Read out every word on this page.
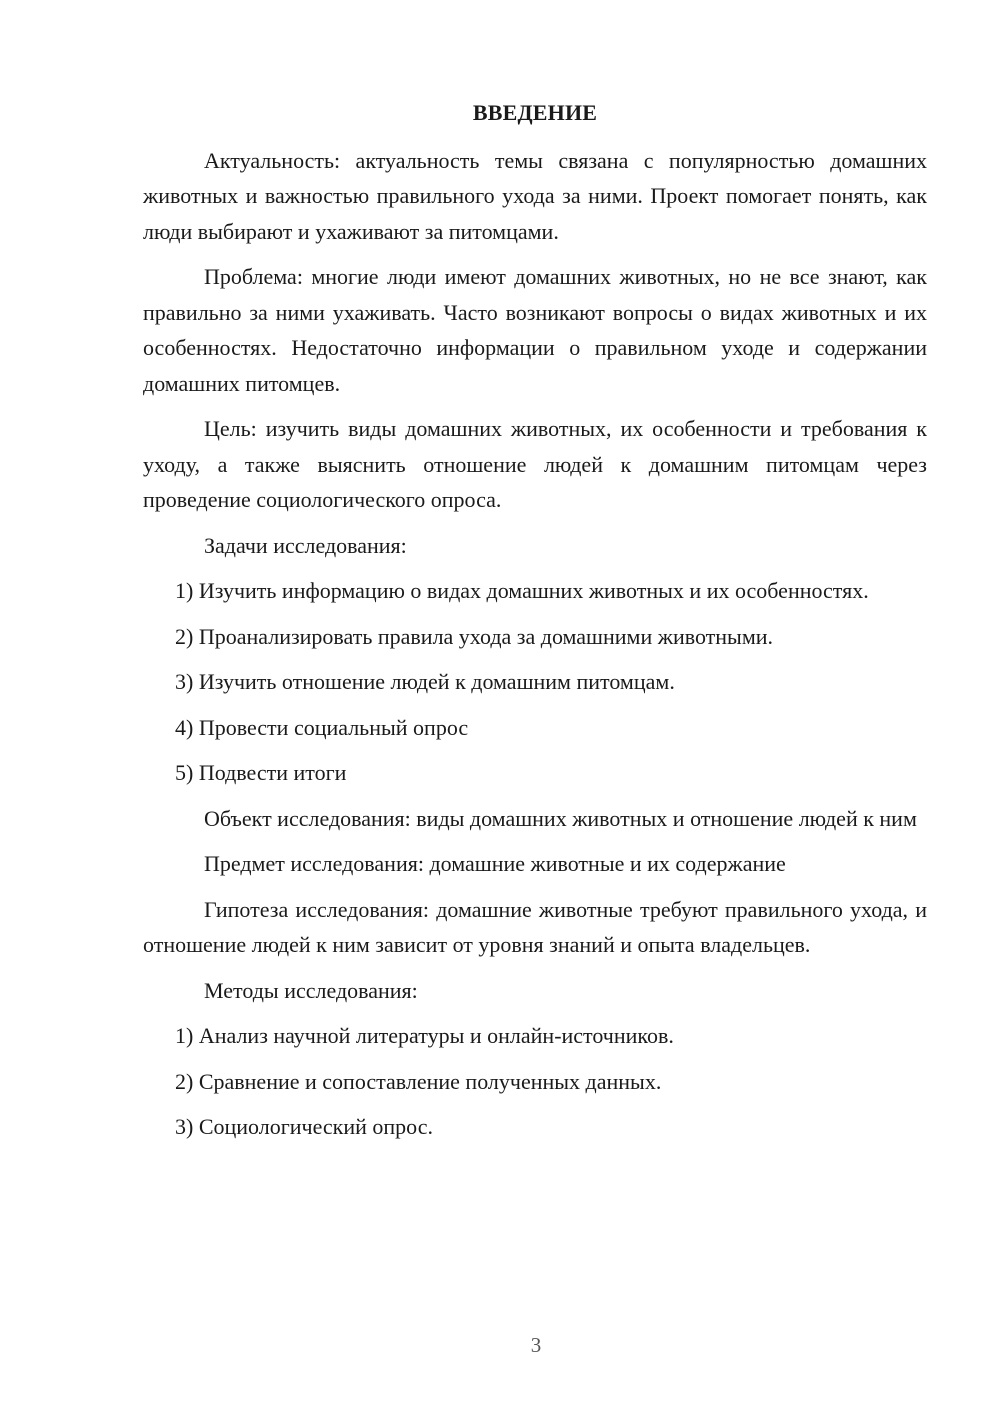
ВВЕДЕНИЕ

Актуальность: актуальность темы связана с популярностью домашних животных и важностью правильного ухода за ними. Проект помогает понять, как люди выбирают и ухаживают за питомцами.

Проблема: многие люди имеют домашних животных, но не все знают, как правильно за ними ухаживать. Часто возникают вопросы о видах животных и их особенностях. Недостаточно информации о правильном уходе и содержании домашних питомцев.

Цель: изучить виды домашних животных, их особенности и требования к уходу, а также выяснить отношение людей к домашним питомцам через проведение социологического опроса.

Задачи исследования:

1) Изучить информацию о видах домашних животных и их особенностях.

2) Проанализировать правила ухода за домашними животными.

3) Изучить отношение людей к домашним питомцам.

4) Провести социальный опрос

5) Подвести итоги

Объект исследования: виды домашних животных и отношение людей к ним

Предмет исследования: домашние животные и их содержание

Гипотеза исследования: домашние животные требуют правильного ухода, и отношение людей к ним зависит от уровня знаний и опыта владельцев.

Методы исследования:

1) Анализ научной литературы и онлайн-источников.

2) Сравнение и сопоставление полученных данных.

3) Социологический опрос.

3
